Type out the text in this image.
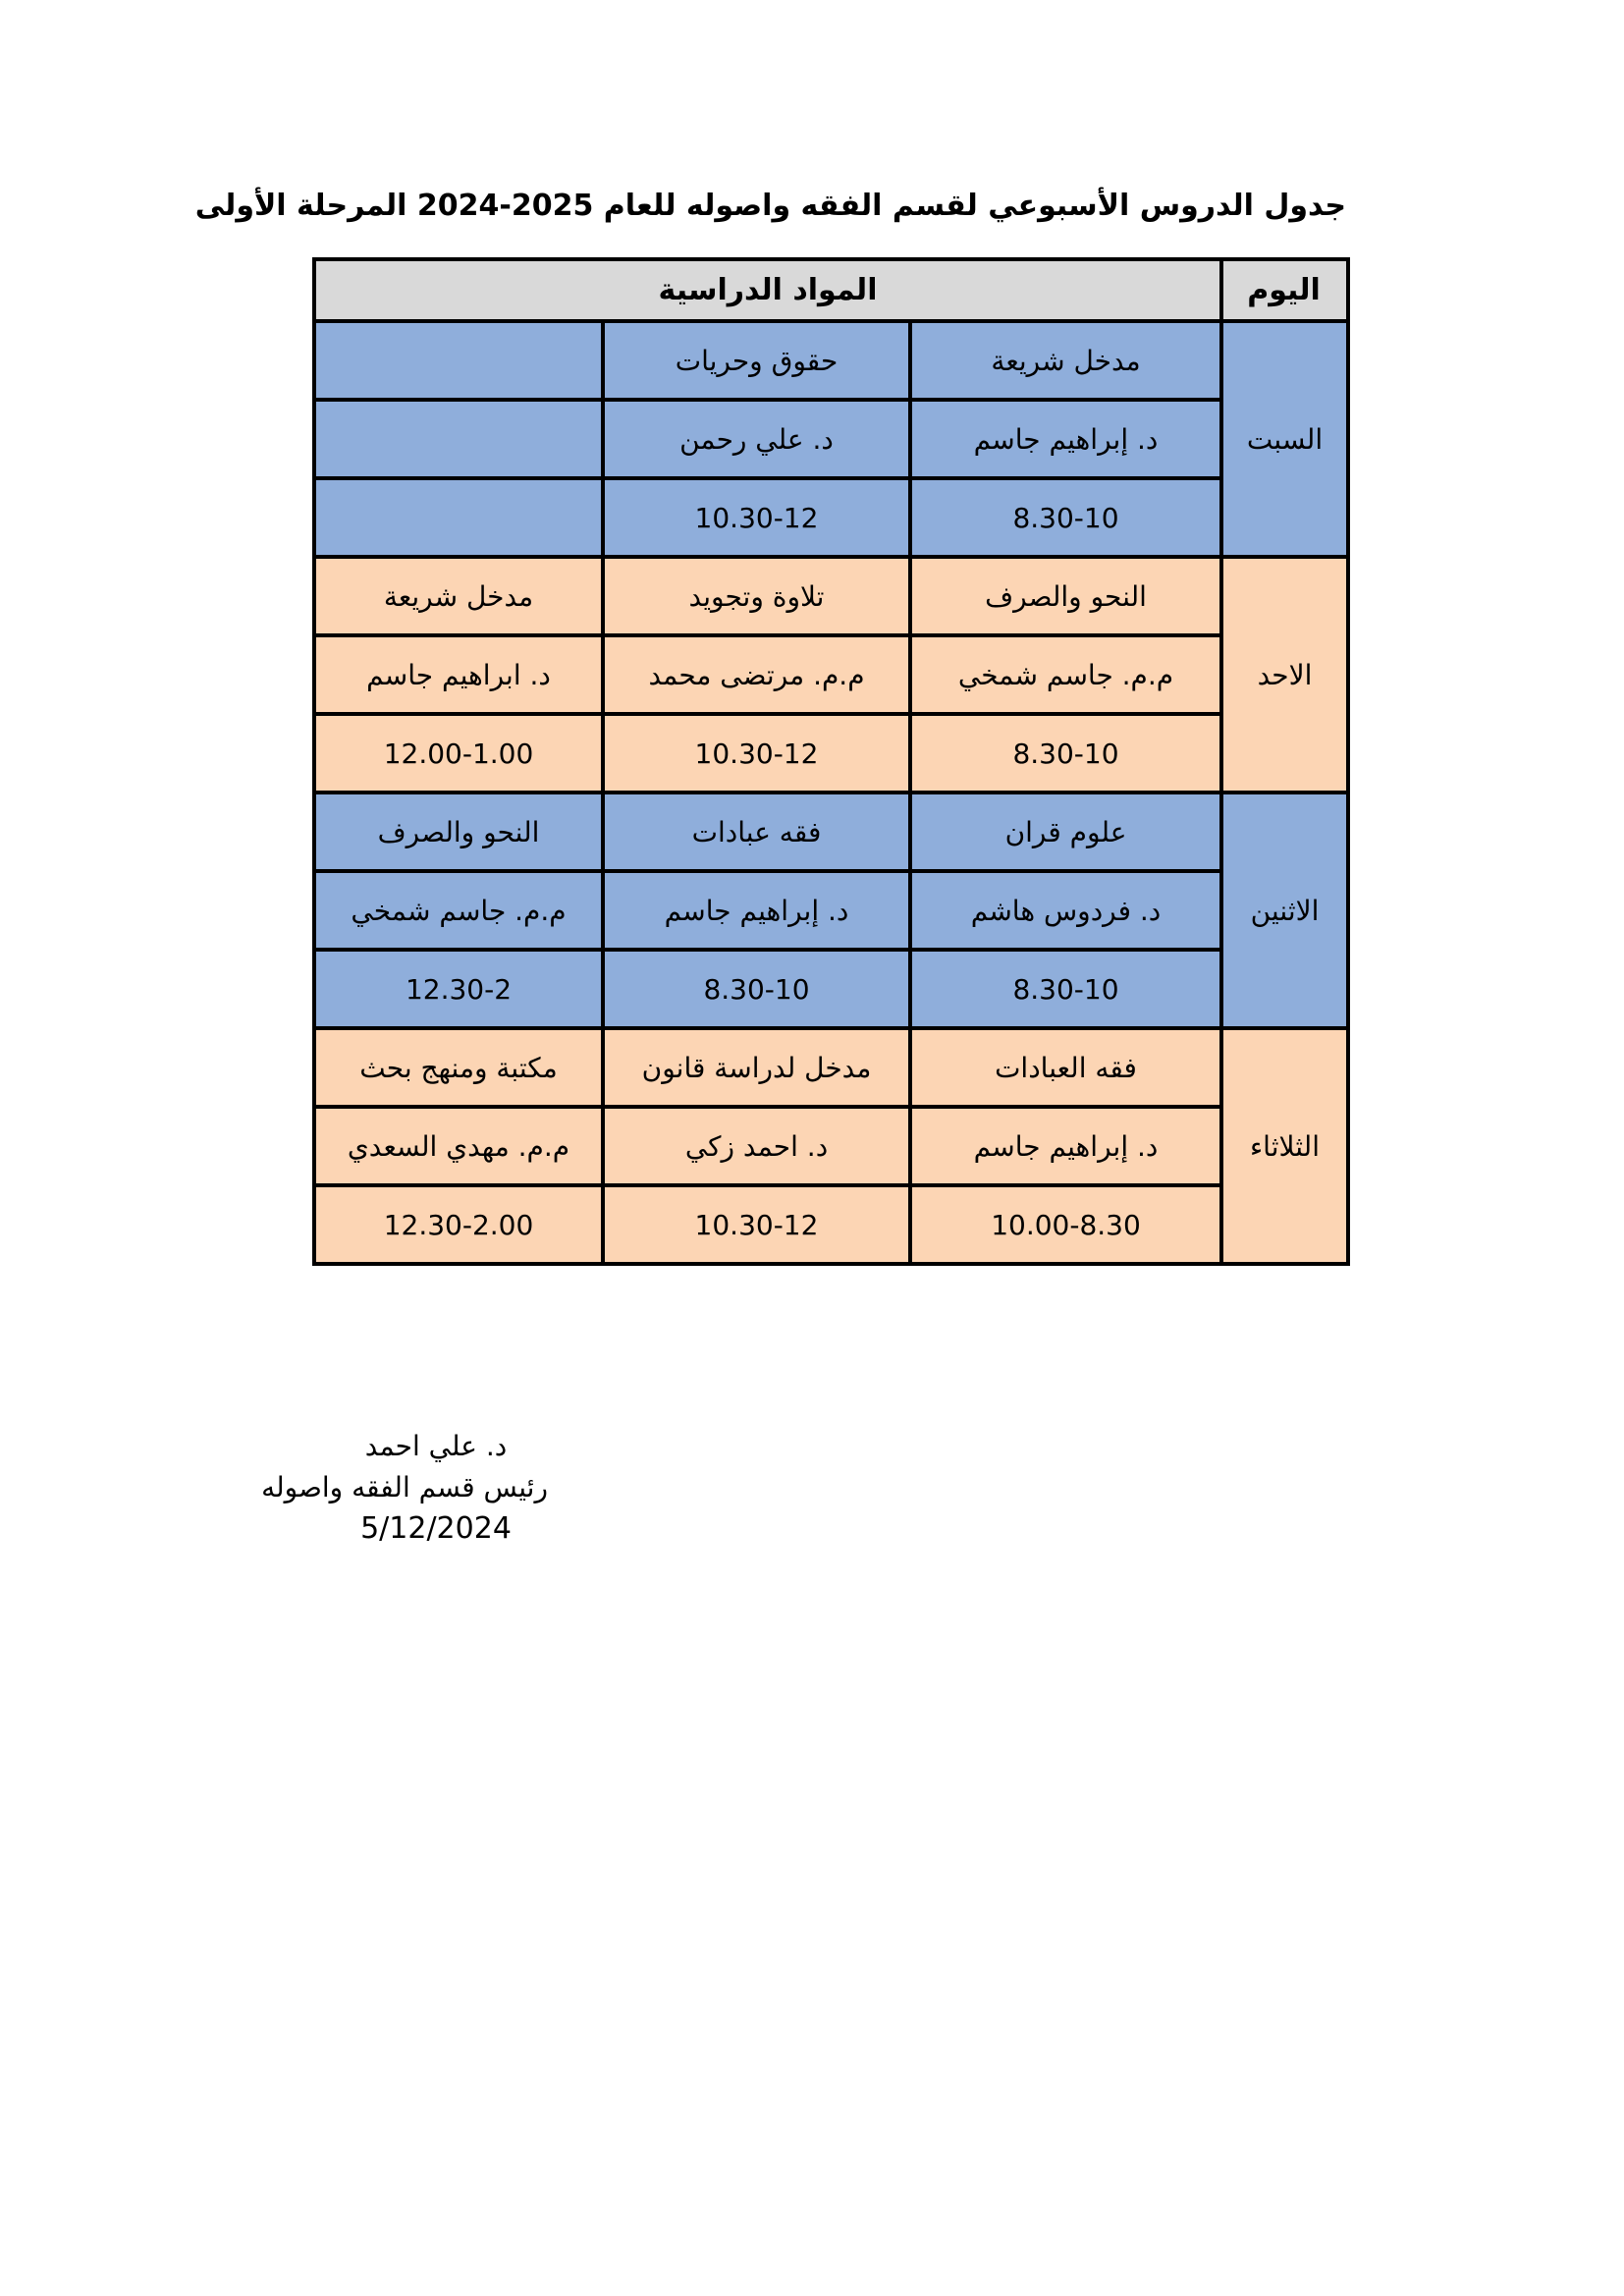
جدول الدروس الأسبوعي لقسم الفقه واصوله للعام 2025-2024 المرحلة الأولى
اليوم	المواد الدراسية		
السبت	مدخل شريعة	حقوق وحريات	
	د. إبراهيم جاسم	د. علي رحمن	
	8.30-10	10.30-12	
الاحد	النحو والصرف	تلاوة وتجويد	مدخل شريعة
	م.م. جاسم شمخي	م.م. مرتضى محمد	د. ابراهيم جاسم
	8.30-10	10.30-12	12.00-1.00
الاثنين	علوم قران	فقه عبادات	النحو والصرف
	د. فردوس هاشم	د. إبراهيم جاسم	م.م. جاسم شمخي
	8.30-10	8.30-10	12.30-2
الثلاثاء	فقه العبادات	مدخل لدراسة قانون	مكتبة ومنهج بحث
	د. إبراهيم جاسم	د. احمد زكي	م.م. مهدي السعدي
	10.00-8.30	10.30-12	12.30-2.00
د. علي احمد
رئيس قسم الفقه واصوله
5/12/2024
